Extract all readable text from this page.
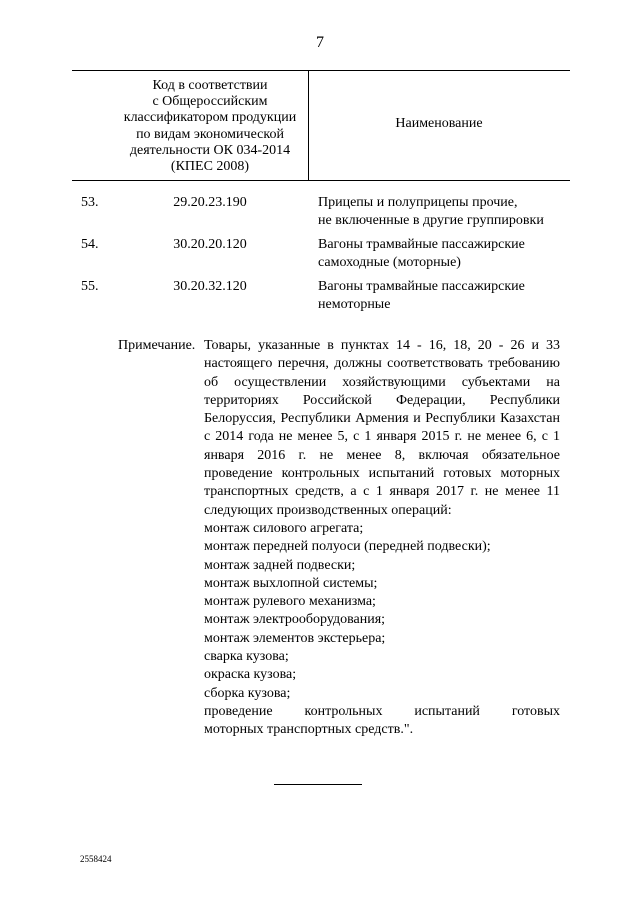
7
Код в соответствии
с Общероссийским
классификатором продукции
по видам экономической
деятельности ОК 034-2014
(КПЕС 2008)
Наименование
53.	29.20.23.190	Прицепы и полуприцепы прочие,
не включенные в другие группировки
54.	30.20.20.120	Вагоны трамвайные пассажирские
самоходные (моторные)
55.	30.20.32.120	Вагоны трамвайные пассажирские
немоторные
Примечание. Товары, указанные в пунктах 14 - 16, 18, 20 - 26 и 33 настоящего перечня, должны соответствовать требованию об осуществлении хозяйствующими субъектами на территориях Российской Федерации, Республики Белоруссия, Республики Армения и Республики Казахстан с 2014 года не менее 5, с 1 января 2015 г. не менее 6, с 1 января 2016 г. не менее 8, включая обязательное проведение контрольных испытаний готовых моторных транспортных средств, а с 1 января 2017 г. не менее 11 следующих производственных операций:
монтаж силового агрегата;
монтаж передней полуоси (передней подвески);
монтаж задней подвески;
монтаж выхлопной системы;
монтаж рулевого механизма;
монтаж электрооборудования;
монтаж элементов экстерьера;
сварка кузова;
окраска кузова;
сборка кузова;
проведение контрольных испытаний готовых
моторных транспортных средств.".
2558424
